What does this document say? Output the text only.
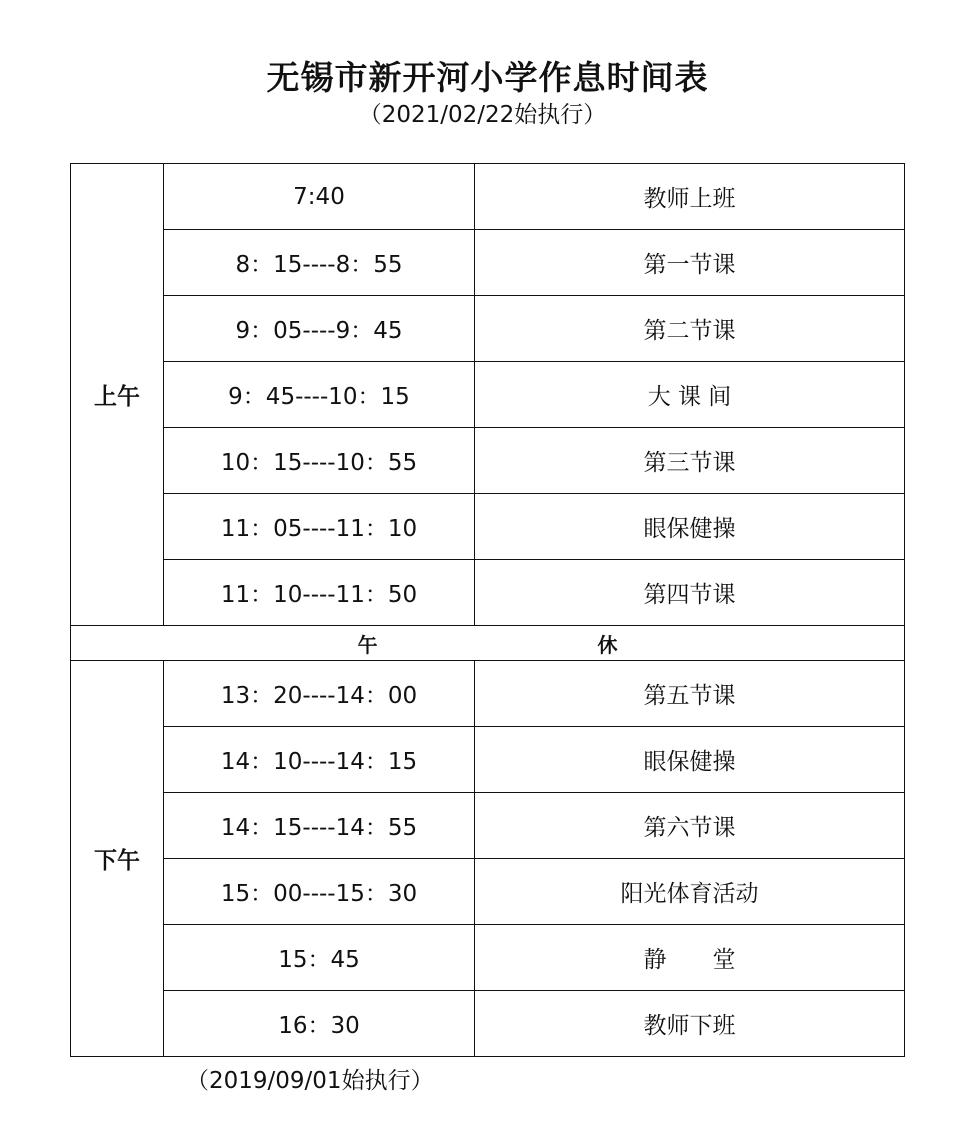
无锡市新开河小学作息时间表
（2021/02/22始执行）
上午	7:40	教师上班
	8：15----8：55	第一节课
	9：05----9：45	第二节课
	9：45----10：15	大 课 间
	10：15----10：55	第三节课
	11：05----11：10	眼保健操
	11：10----11：50	第四节课

午 休		

下午	13：20----14：00	第五节课
	14：10----14：15	眼保健操
	14：15----14：55	第六节课
	15：00----15：30	阳光体育活动
	15：45	静　　堂
	16：30	教师下班
（2019/09/01始执行）
